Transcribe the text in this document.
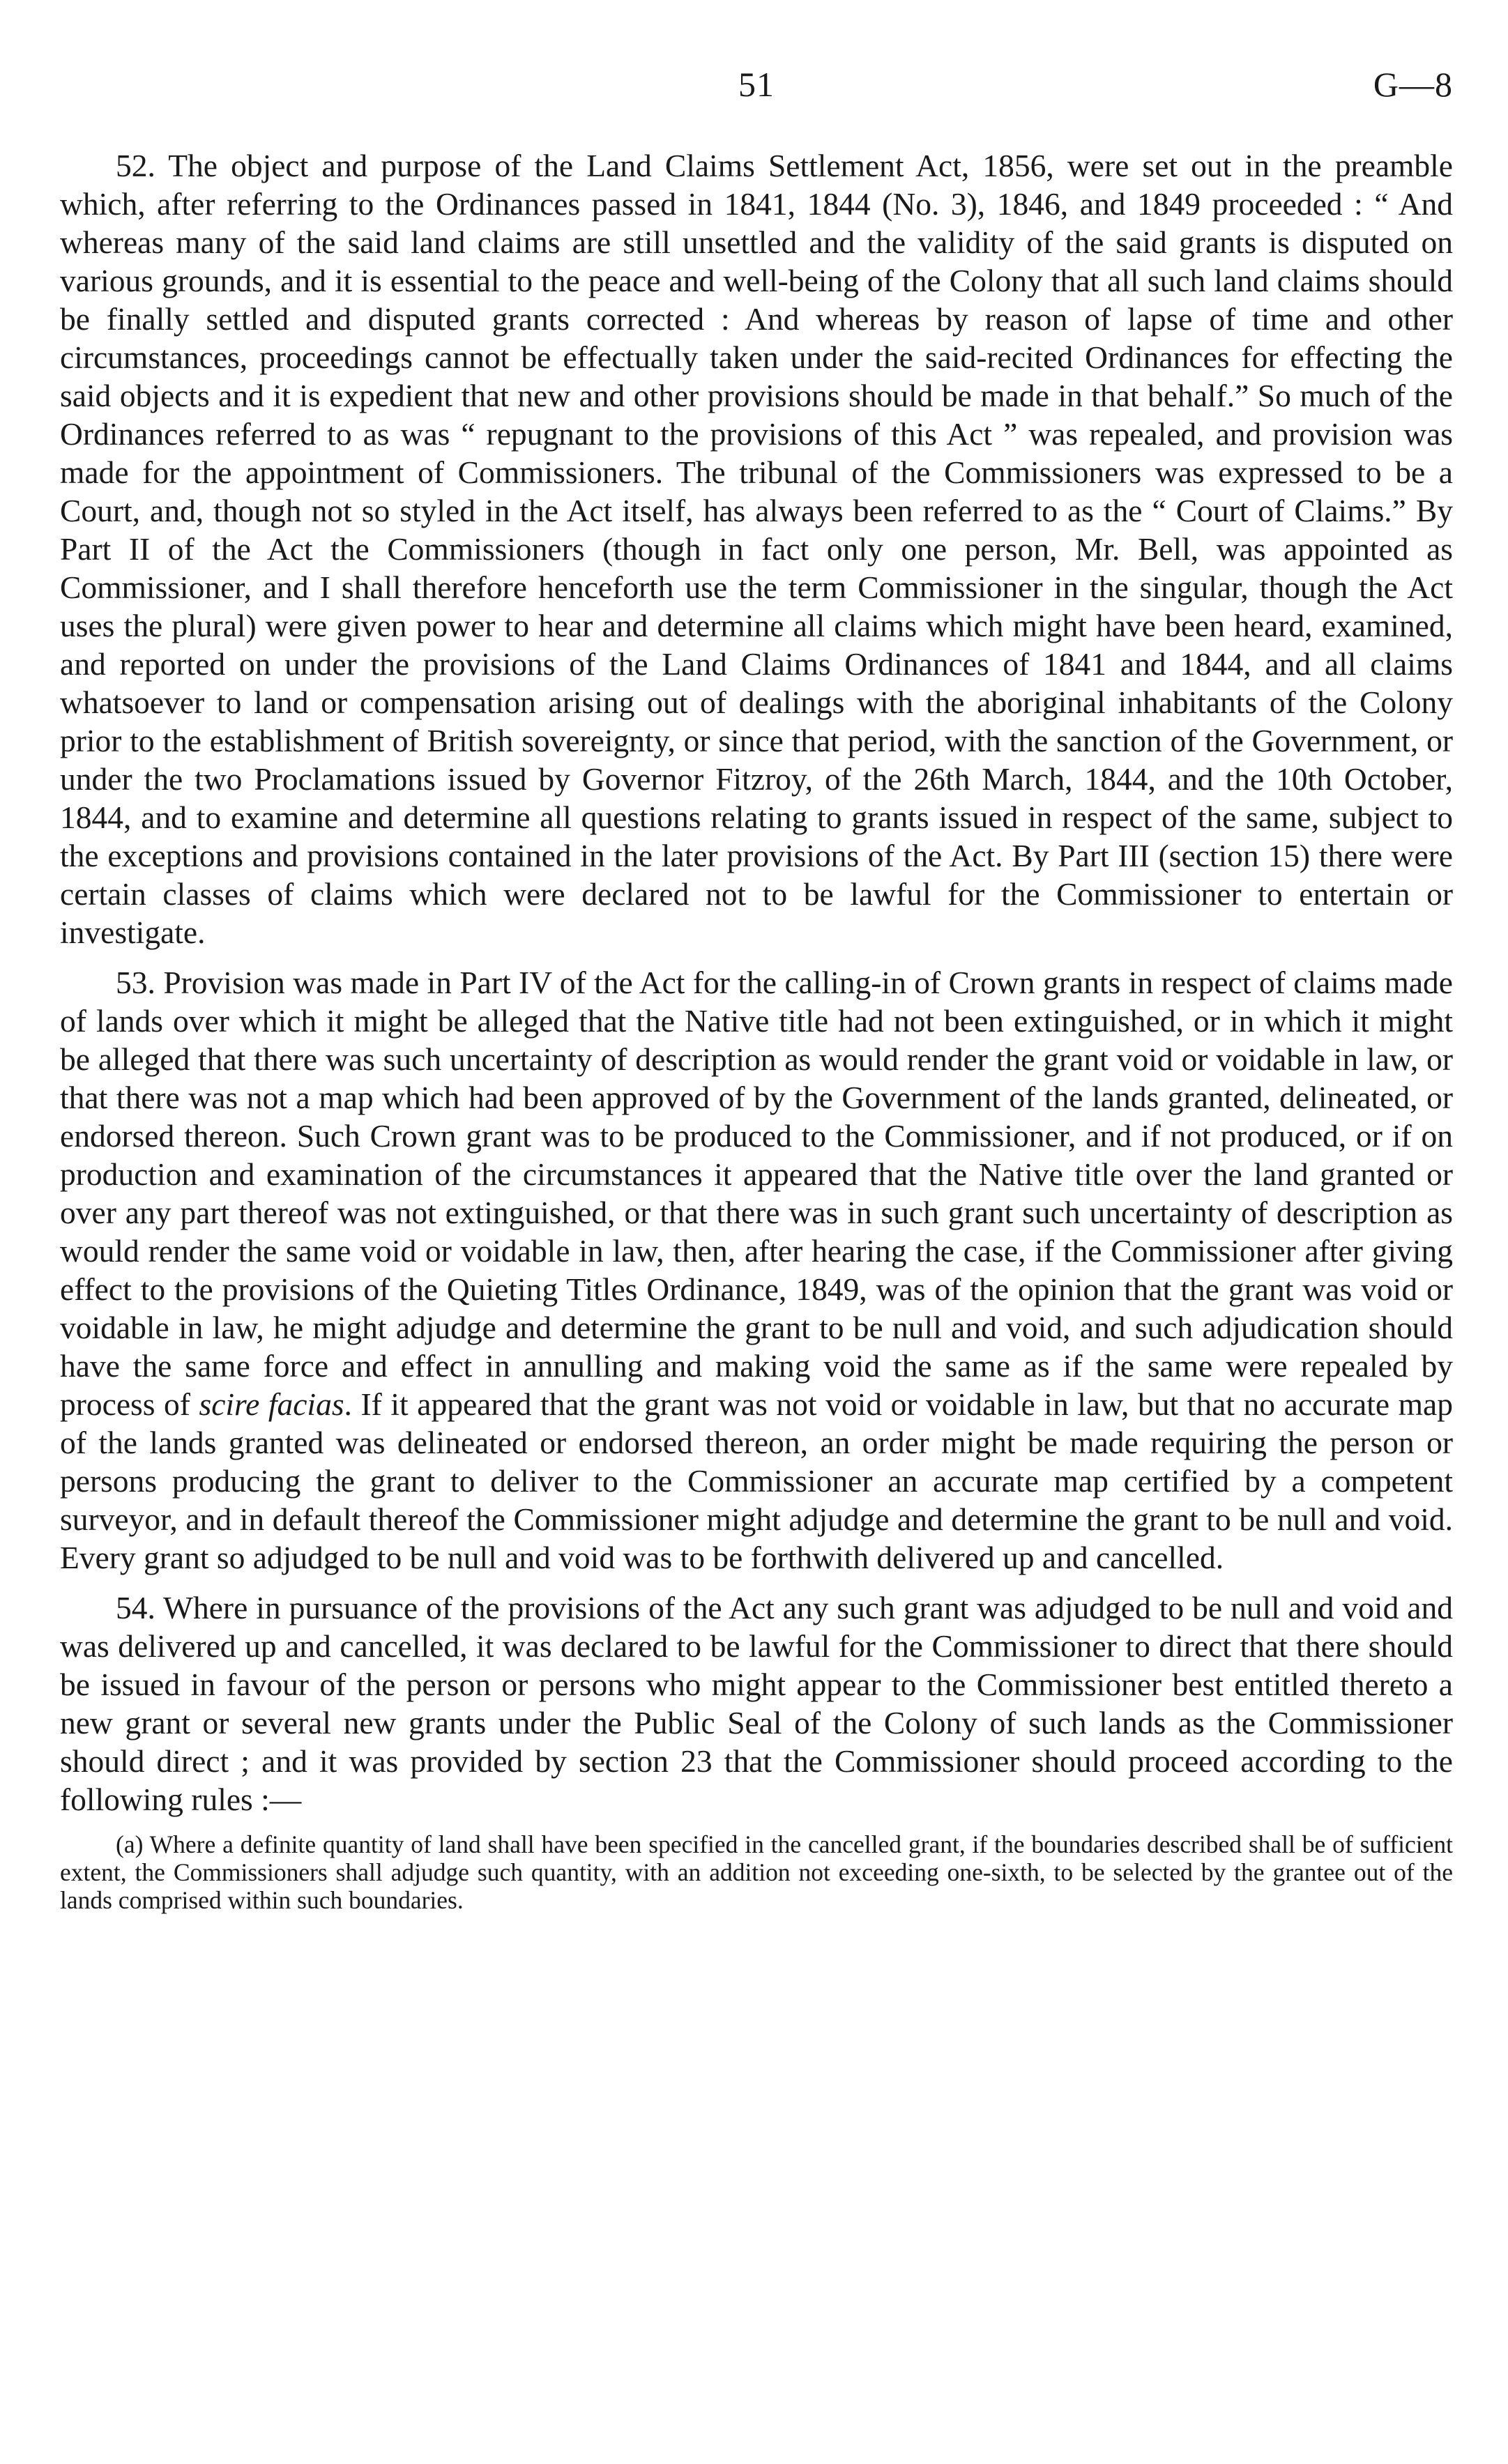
51	G—8

52. The object and purpose of the Land Claims Settlement Act, 1856, were set out in the preamble which, after referring to the Ordinances passed in 1841, 1844 (No. 3), 1846, and 1849 proceeded : “ And whereas many of the said land claims are still unsettled and the validity of the said grants is disputed on various grounds, and it is essential to the peace and well-being of the Colony that all such land claims should be finally settled and disputed grants corrected : And whereas by reason of lapse of time and other circumstances, proceedings cannot be effectually taken under the said-recited Ordinances for effecting the said objects and it is expedient that new and other provisions should be made in that behalf.” So much of the Ordinances referred to as was “ repugnant to the provisions of this Act ” was repealed, and provision was made for the appointment of Commissioners. The tribunal of the Commissioners was expressed to be a Court, and, though not so styled in the Act itself, has always been referred to as the “ Court of Claims.” By Part II of the Act the Commissioners (though in fact only one person, Mr. Bell, was appointed as Commissioner, and I shall therefore henceforth use the term Commissioner in the singular, though the Act uses the plural) were given power to hear and determine all claims which might have been heard, examined, and reported on under the provisions of the Land Claims Ordinances of 1841 and 1844, and all claims whatsoever to land or compensation arising out of dealings with the aboriginal inhabitants of the Colony prior to the establishment of British sovereignty, or since that period, with the sanction of the Government, or under the two Proclamations issued by Governor Fitzroy, of the 26th March, 1844, and the 10th October, 1844, and to examine and determine all questions relating to grants issued in respect of the same, subject to the exceptions and provisions contained in the later provisions of the Act. By Part III (section 15) there were certain classes of claims which were declared not to be lawful for the Commissioner to entertain or investigate.

53. Provision was made in Part IV of the Act for the calling-in of Crown grants in respect of claims made of lands over which it might be alleged that the Native title had not been extinguished, or in which it might be alleged that there was such uncertainty of description as would render the grant void or voidable in law, or that there was not a map which had been approved of by the Government of the lands granted, delineated, or endorsed thereon. Such Crown grant was to be produced to the Commissioner, and if not produced, or if on production and examination of the circumstances it appeared that the Native title over the land granted or over any part thereof was not extinguished, or that there was in such grant such uncertainty of description as would render the same void or voidable in law, then, after hearing the case, if the Commissioner after giving effect to the provisions of the Quieting Titles Ordinance, 1849, was of the opinion that the grant was void or voidable in law, he might adjudge and determine the grant to be null and void, and such adjudication should have the same force and effect in annulling and making void the same as if the same were repealed by process of scire facias. If it appeared that the grant was not void or voidable in law, but that no accurate map of the lands granted was delineated or endorsed thereon, an order might be made requiring the person or persons producing the grant to deliver to the Commissioner an accurate map certified by a competent surveyor, and in default thereof the Commissioner might adjudge and determine the grant to be null and void. Every grant so adjudged to be null and void was to be forthwith delivered up and cancelled.

54. Where in pursuance of the provisions of the Act any such grant was adjudged to be null and void and was delivered up and cancelled, it was declared to be lawful for the Commissioner to direct that there should be issued in favour of the person or persons who might appear to the Commissioner best entitled thereto a new grant or several new grants under the Public Seal of the Colony of such lands as the Commissioner should direct ; and it was provided by section 23 that the Commissioner should proceed according to the following rules :—

(a) Where a definite quantity of land shall have been specified in the cancelled grant, if the boundaries described shall be of sufficient extent, the Commissioners shall adjudge such quantity, with an addition not exceeding one-sixth, to be selected by the grantee out of the lands comprised within such boundaries.
